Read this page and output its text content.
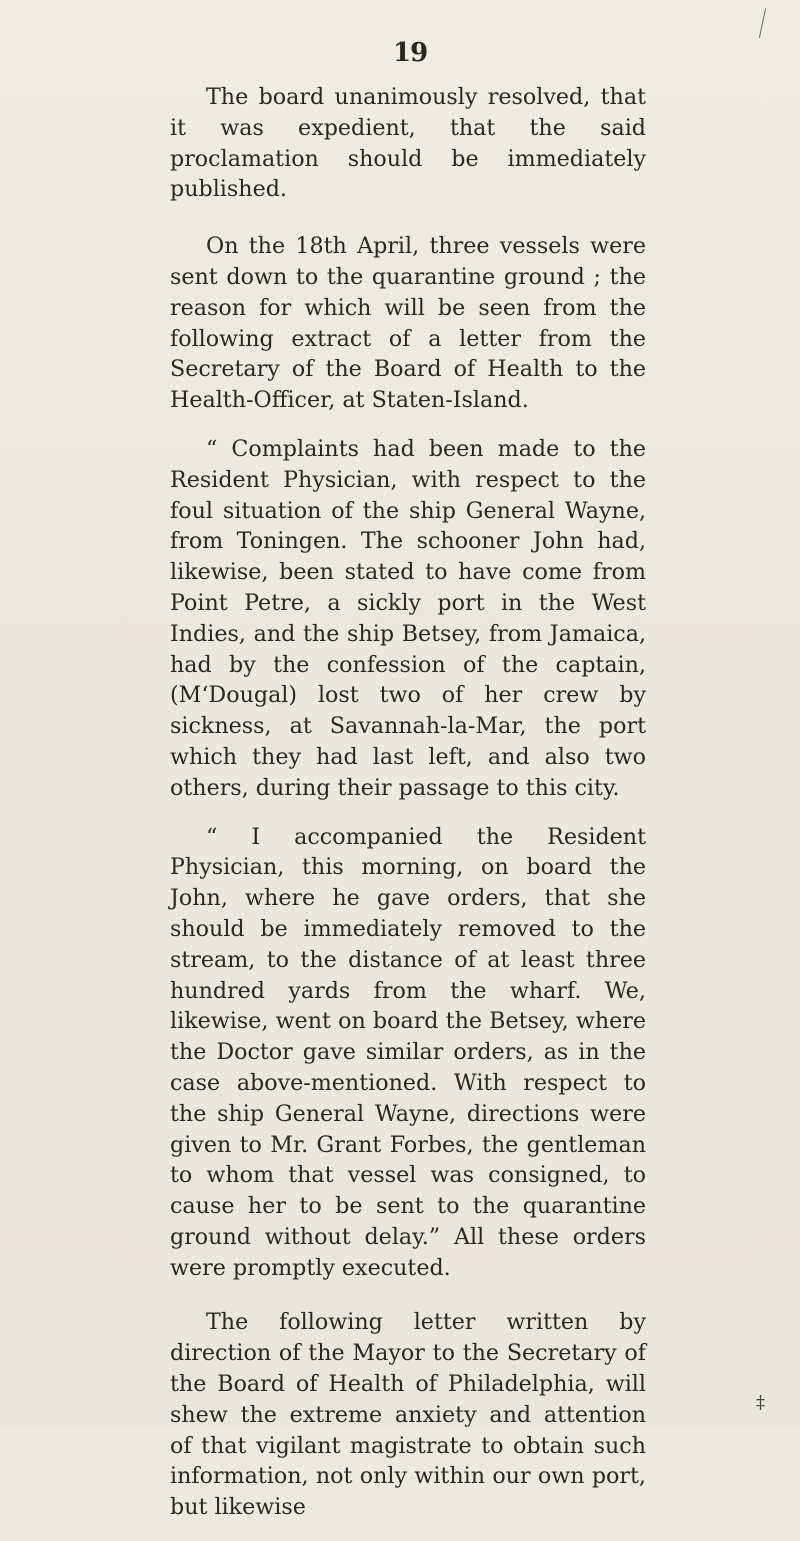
19

The board unanimously resolved, that it was expedient, that the said proclamation should be immediately published.

On the 18th April, three vessels were sent down to the quarantine ground ; the reason for which will be seen from the following extract of a letter from the Secretary of the Board of Health to the Health-Officer, at Staten-Island.

“ Complaints had been made to the Resident Physician, with respect to the foul situation of the ship General Wayne, from Toningen. The schooner John had, likewise, been stated to have come from Point Petre, a sickly port in the West Indies, and the ship Betsey, from Jamaica, had by the confession of the captain, (M‘Dougal) lost two of her crew by sickness, at Savannah-la-Mar, the port which they had last left, and also two others, during their passage to this city.

“ I accompanied the Resident Physician, this morning, on board the John, where he gave orders, that she should be immediately removed to the stream, to the distance of at least three hundred yards from the wharf. We, likewise, went on board the Betsey, where the Doctor gave similar orders, as in the case above-mentioned. With respect to the ship General Wayne, directions were given to Mr. Grant Forbes, the gentleman to whom that vessel was consigned, to cause her to be sent to the quarantine ground without delay.” All these orders were promptly executed.

The following letter written by direction of the Mayor to the Secretary of the Board of Health of Philadelphia, will shew the extreme anxiety and attention of that vigilant magistrate to obtain such information, not only within our own port, but likewise

‡
